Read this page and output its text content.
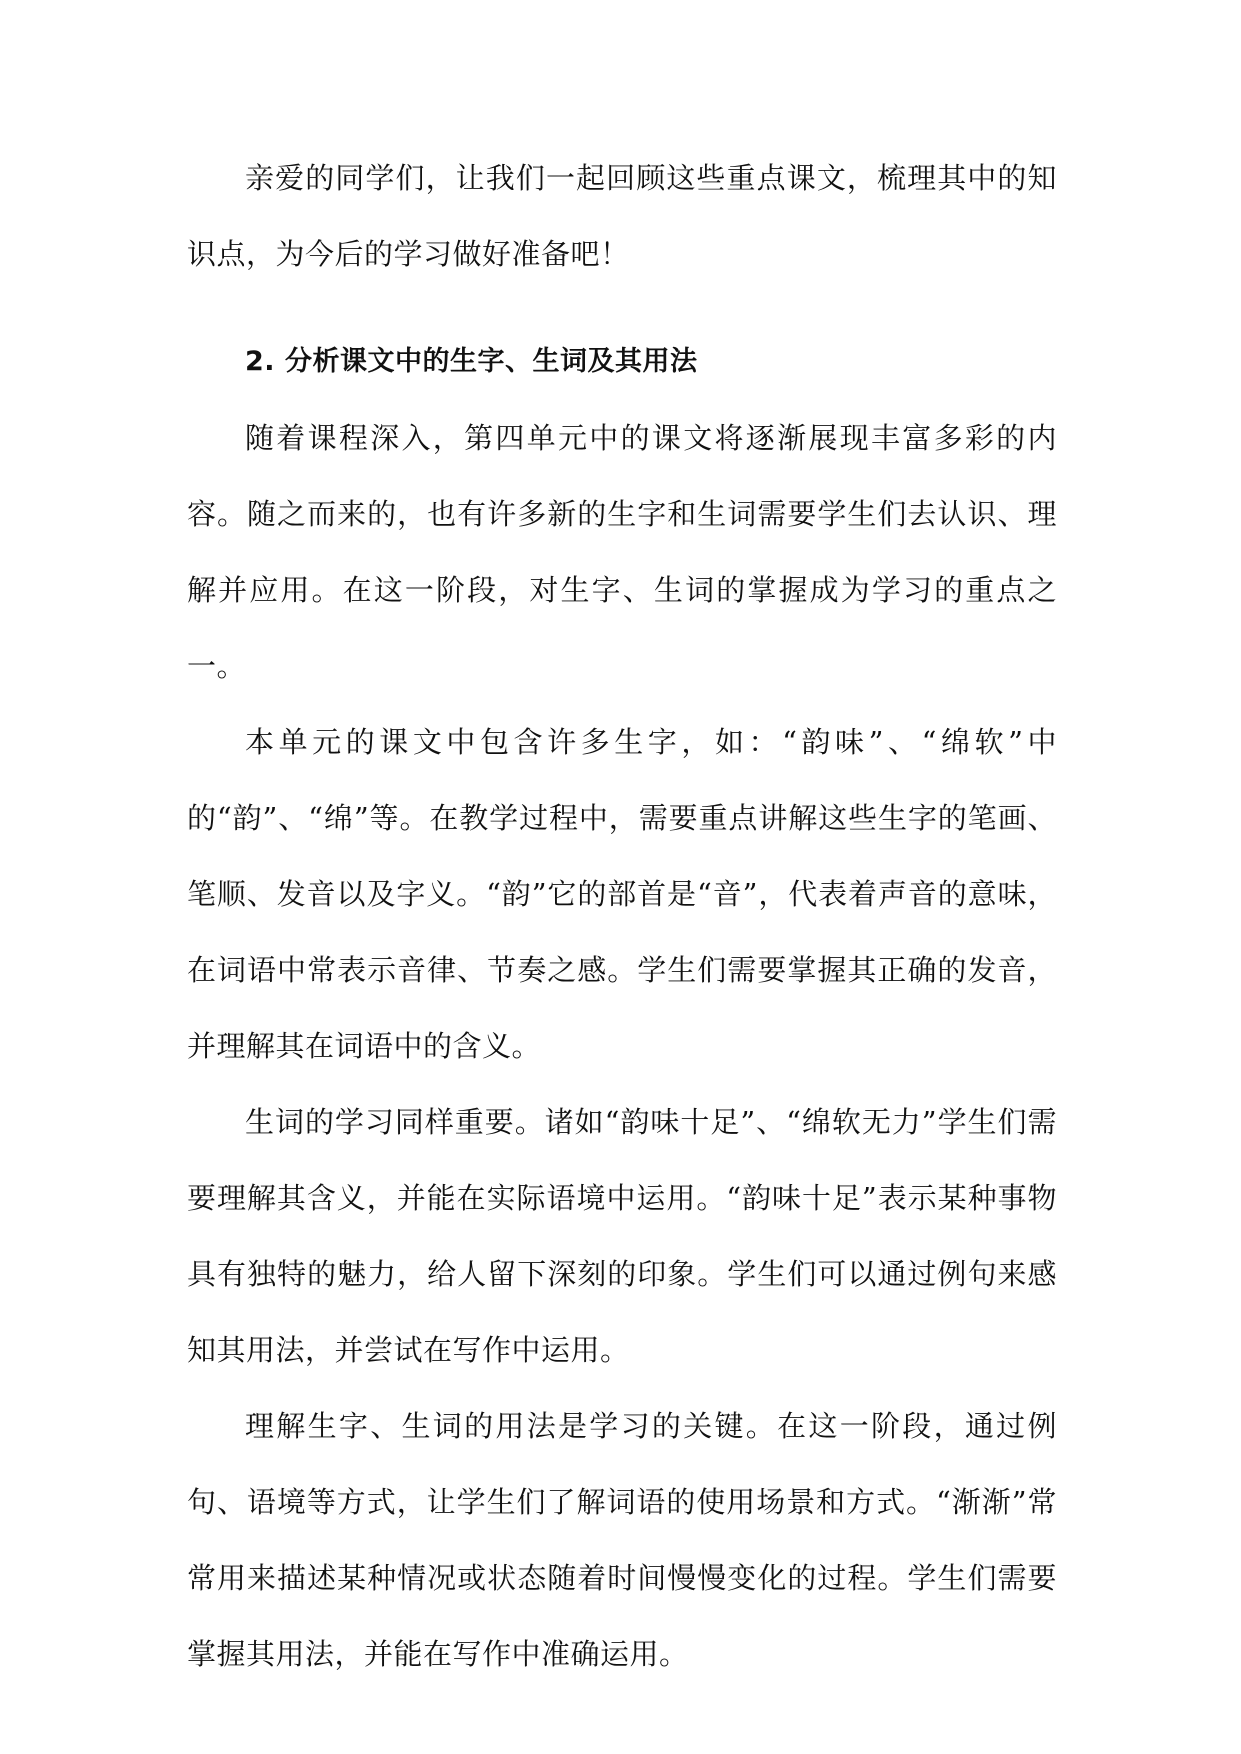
亲爱的同学们，让我们一起回顾这些重点课文，梳理其中的知识点，为今后的学习做好准备吧！

2. 分析课文中的生字、生词及其用法

随着课程深入，第四单元中的课文将逐渐展现丰富多彩的内容。随之而来的，也有许多新的生字和生词需要学生们去认识、理解并应用。在这一阶段，对生字、生词的掌握成为学习的重点之一。

本单元的课文中包含许多生字，如：“韵味”、“绵软”中的“韵”、“绵”等。在教学过程中，需要重点讲解这些生字的笔画、笔顺、发音以及字义。“韵”它的部首是“音”，代表着声音的意味，在词语中常表示音律、节奏之感。学生们需要掌握其正确的发音，并理解其在词语中的含义。

生词的学习同样重要。诸如“韵味十足”、“绵软无力”学生们需要理解其含义，并能在实际语境中运用。“韵味十足”表示某种事物具有独特的魅力，给人留下深刻的印象。学生们可以通过例句来感知其用法，并尝试在写作中运用。

理解生字、生词的用法是学习的关键。在这一阶段，通过例句、语境等方式，让学生们了解词语的使用场景和方式。“渐渐”常常用来描述某种情况或状态随着时间慢慢变化的过程。学生们需要掌握其用法，并能在写作中准确运用。
